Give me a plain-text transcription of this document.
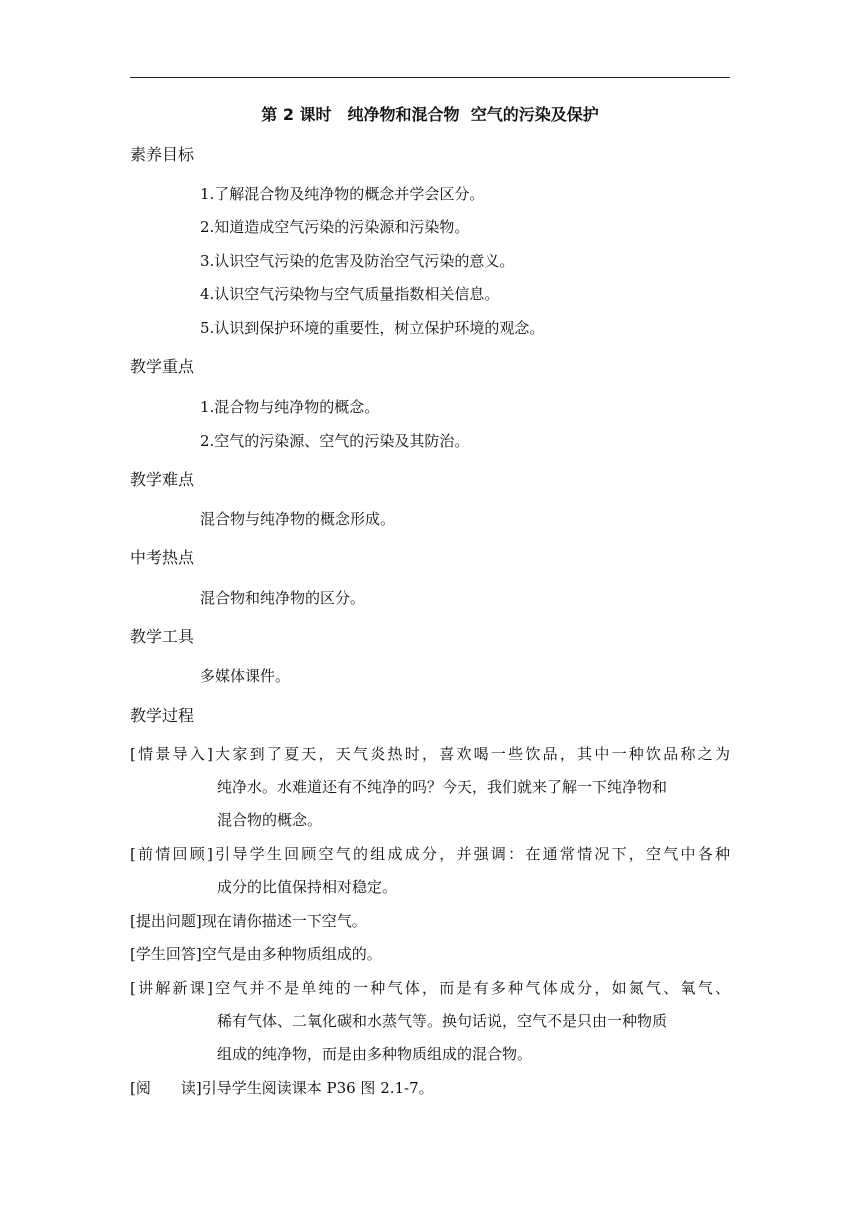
第 2 课时　纯净物和混合物  空气的污染及保护
素养目标
1.了解混合物及纯净物的概念并学会区分。
2.知道造成空气污染的污染源和污染物。
3.认识空气污染的危害及防治空气污染的意义。
4.认识空气污染物与空气质量指数相关信息。
5.认识到保护环境的重要性，树立保护环境的观念。
教学重点
1.混合物与纯净物的概念。
2.空气的污染源、空气的污染及其防治。
教学难点
混合物与纯净物的概念形成。
中考热点
混合物和纯净物的区分。
教学工具
多媒体课件。
教学过程
[情景导入]大家到了夏天，天气炎热时，喜欢喝一些饮品，其中一种饮品称之为
纯净水。水难道还有不纯净的吗？今天，我们就来了解一下纯净物和
混合物的概念。
[前情回顾]引导学生回顾空气的组成成分，并强调：在通常情况下，空气中各种
成分的比值保持相对稳定。
[提出问题]现在请你描述一下空气。
[学生回答]空气是由多种物质组成的。
[讲解新课]空气并不是单纯的一种气体，而是有多种气体成分，如氮气、氧气、
稀有气体、二氧化碳和水蒸气等。换句话说，空气不是只由一种物质
组成的纯净物，而是由多种物质组成的混合物。
[阅　　读]引导学生阅读课本 P36 图 2.1-7。
